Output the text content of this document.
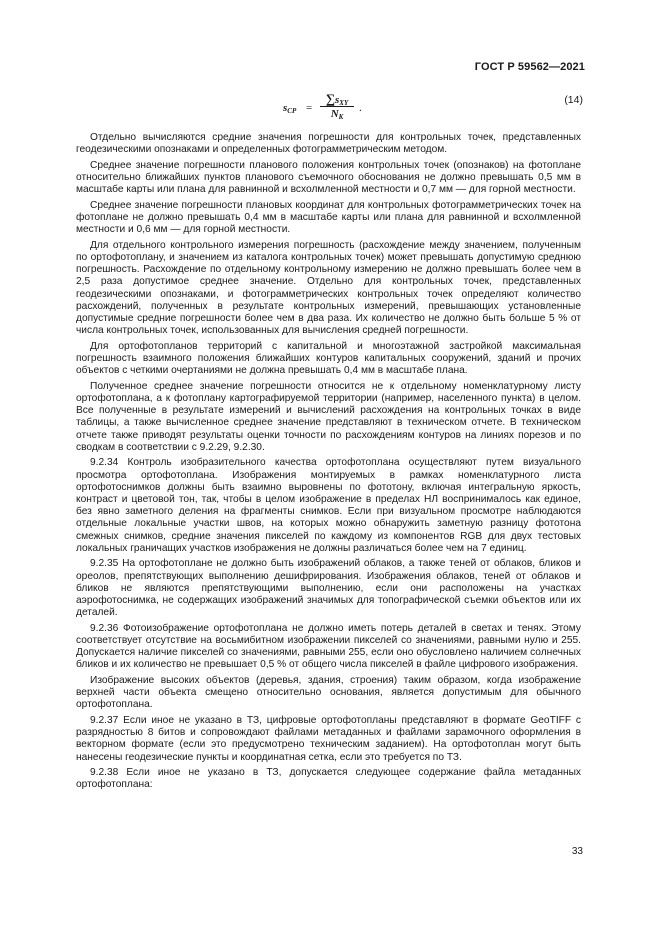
ГОСТ Р 59562—2021
$s_{СР}$ =
$\sum s_{XY}$
$N_K$
.
(14)

Отдельно вычисляются средние значения погрешности для контрольных точек, представленных геодезическими опознаками и определенных фотограмметрическим методом.

Среднее значение погрешности планового положения контрольных точек (опознаков) на фотоплане относительно ближайших пунктов планового съемочного обоснования не должно превышать 0,5 мм в масштабе карты или плана для равнинной и всхолмленной местности и 0,7 мм — для горной местности.

Среднее значение погрешности плановых координат для контрольных фотограмметрических точек на фотоплане не должно превышать 0,4 мм в масштабе карты или плана для равнинной и всхолмленной местности и 0,6 мм — для горной местности.

Для отдельного контрольного измерения погрешность (расхождение между значением, полученным по ортофотоплану, и значением из каталога контрольных точек) может превышать допустимую среднюю погрешность. Расхождение по отдельному контрольному измерению не должно превышать более чем в 2,5 раза допустимое среднее значение. Отдельно для контрольных точек, представленных геодезическими опознаками, и фотограмметрических контрольных точек определяют количество расхождений, полученных в результате контрольных измерений, превышающих установленные допустимые средние погрешности более чем в два раза. Их количество не должно быть больше 5 % от числа контрольных точек, использованных для вычисления средней погрешности.

Для ортофотопланов территорий с капитальной и многоэтажной застройкой максимальная погрешность взаимного положения ближайших контуров капитальных сооружений, зданий и прочих объектов с четкими очертаниями не должна превышать 0,4 мм в масштабе плана.

Полученное среднее значение погрешности относится не к отдельному номенклатурному листу ортофотоплана, а к фотоплану картографируемой территории (например, населенного пункта) в целом. Все полученные в результате измерений и вычислений расхождения на контрольных точках в виде таблицы, а также вычисленное среднее значение представляют в техническом отчете. В техническом отчете также приводят результаты оценки точности по расхождениям контуров на линиях порезов и по сводкам в соответствии с 9.2.29, 9.2.30.

9.2.34 Контроль изобразительного качества ортофотоплана осуществляют путем визуального просмотра ортофотоплана. Изображения монтируемых в рамках номенклатурного листа ортофотоснимков должны быть взаимно выровнены по фототону, включая интегральную яркость, контраст и цветовой тон, так, чтобы в целом изображение в пределах НЛ воспринималось как единое, без явно заметного деления на фрагменты снимков. Если при визуальном просмотре наблюдаются отдельные локальные участки швов, на которых можно обнаружить заметную разницу фототона смежных снимков, средние значения пикселей по каждому из компонентов RGB для двух тестовых локальных граничащих участков изображения не должны различаться более чем на 7 единиц.

9.2.35 На ортофотоплане не должно быть изображений облаков, а также теней от облаков, бликов и ореолов, препятствующих выполнению дешифрирования. Изображения облаков, теней от облаков и бликов не являются препятствующими выполнению, если они расположены на участках аэрофотоснимка, не содержащих изображений значимых для топографической съемки объектов или их деталей.

9.2.36 Фотоизображение ортофотоплана не должно иметь потерь деталей в светах и тенях. Этому соответствует отсутствие на восьмибитном изображении пикселей со значениями, равными нулю и 255. Допускается наличие пикселей со значениями, равными 255, если оно обусловлено наличием солнечных бликов и их количество не превышает 0,5 % от общего числа пикселей в файле цифрового изображения.

Изображение высоких объектов (деревья, здания, строения) таким образом, когда изображение верхней части объекта смещено относительно основания, является допустимым для обычного ортофотоплана.

9.2.37 Если иное не указано в ТЗ, цифровые ортофотопланы представляют в формате GeoTIFF с разрядностью 8 битов и сопровождают файлами метаданных и файлами зарамочного оформления в векторном формате (если это предусмотрено техническим заданием). На ортофотоплан могут быть нанесены геодезические пункты и координатная сетка, если это требуется по ТЗ.

9.2.38 Если иное не указано в ТЗ, допускается следующее содержание файла метаданных ортофотоплана:

33
